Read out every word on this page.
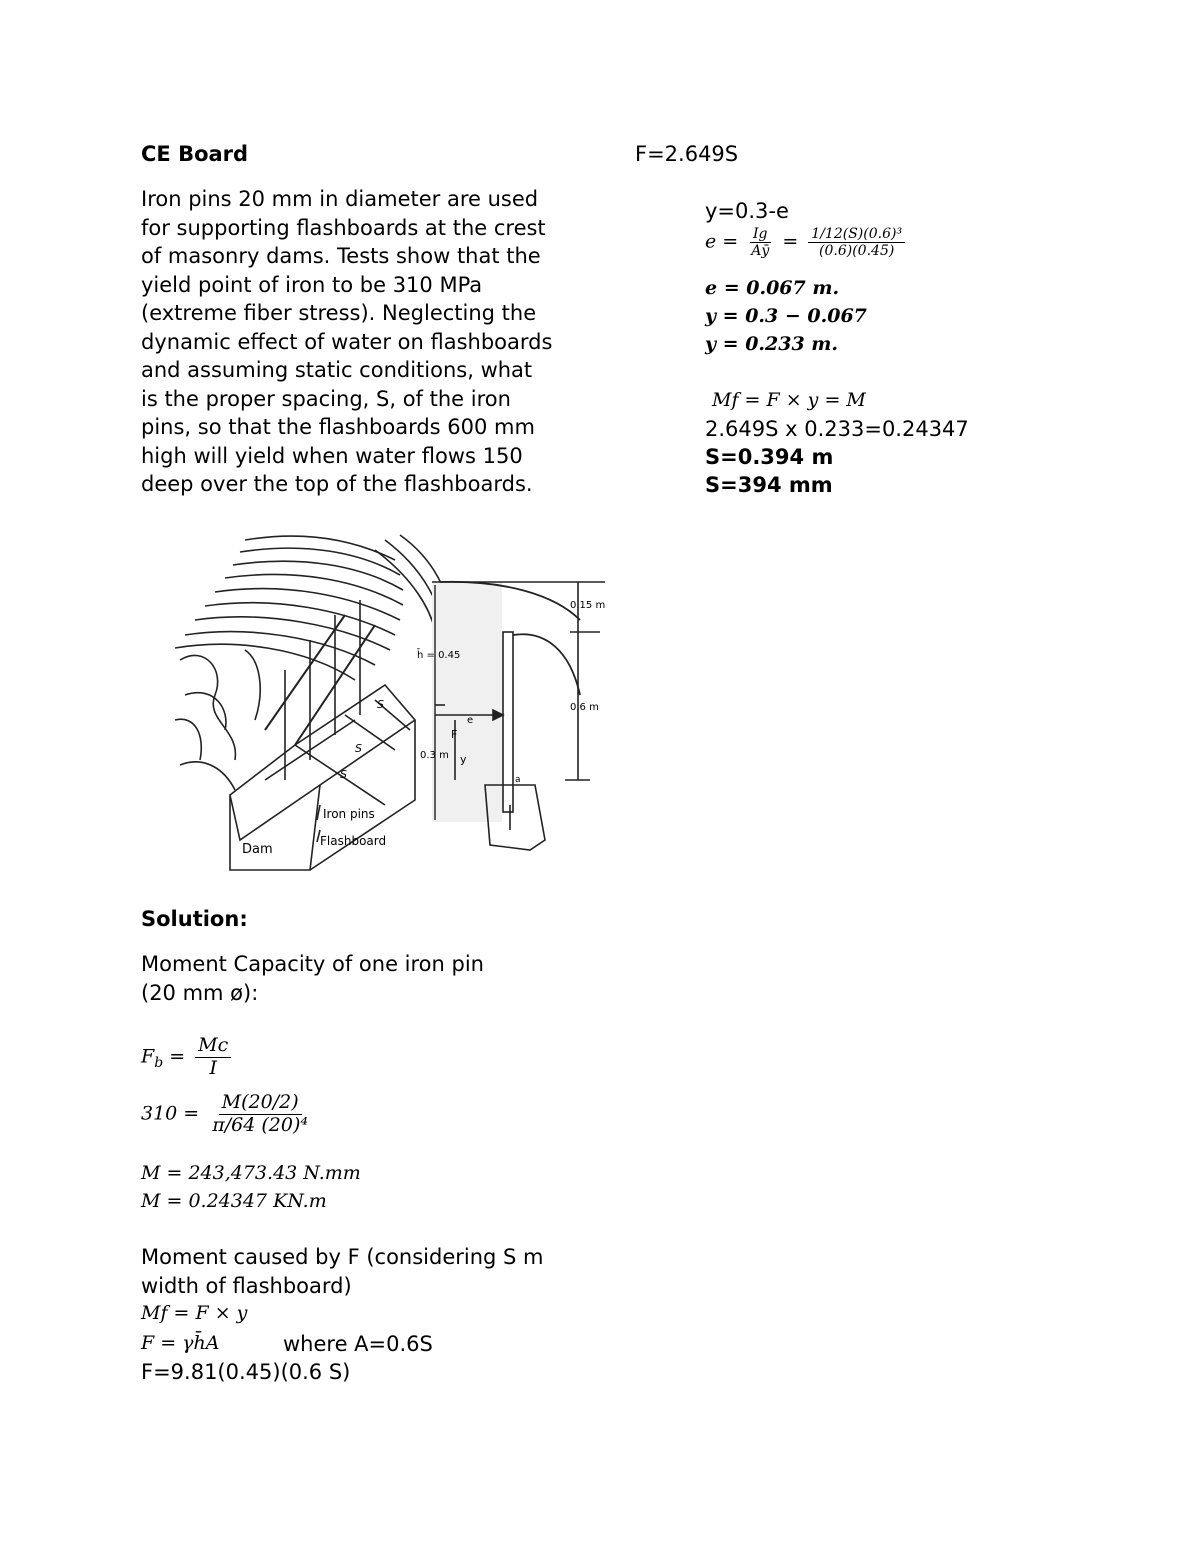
CE Board
Iron pins 20 mm in diameter are used
for supporting flashboards at the crest
of masonry dams. Tests show that the
yield point of iron to be 310 MPa
(extreme fiber stress). Neglecting the
dynamic effect of water on flashboards
and assuming static conditions, what
is the proper spacing, S, of the iron
pins, so that the flashboards 600 mm
high will yield when water flows 150
deep over the top of the flashboards.
Dam
Iron pins
Flashboard
S
S
S
h̄ = 0.45
0.15 m
0.6 m
0.3 m
F
e
y
a
Solution:
Moment Capacity of one iron pin
(20 mm ø):
$F_b = \frac{Mc}{I}$
$310 = \frac{M(20/2)}{\text{π/64 (20)⁴}}$
M = 243,473.43 N.mm
M = 0.24347 KN.m
Moment caused by F (considering S m
width of flashboard)
Mf = F × y
F = γh̄A	where A=0.6S
F=9.81(0.45)(0.6 S)
F=2.649S
y=0.3-e
$e = \frac{Ig}{Aȳ} = \frac{\text{1/12(S)(0.6)³}}{(0.6)(0.45)}$
e = 0.067 m.
y = 0.3 − 0.067
y = 0.233 m.
Mf = F × y = M
2.649S x 0.233=0.24347
S=0.394 m
S=394 mm
